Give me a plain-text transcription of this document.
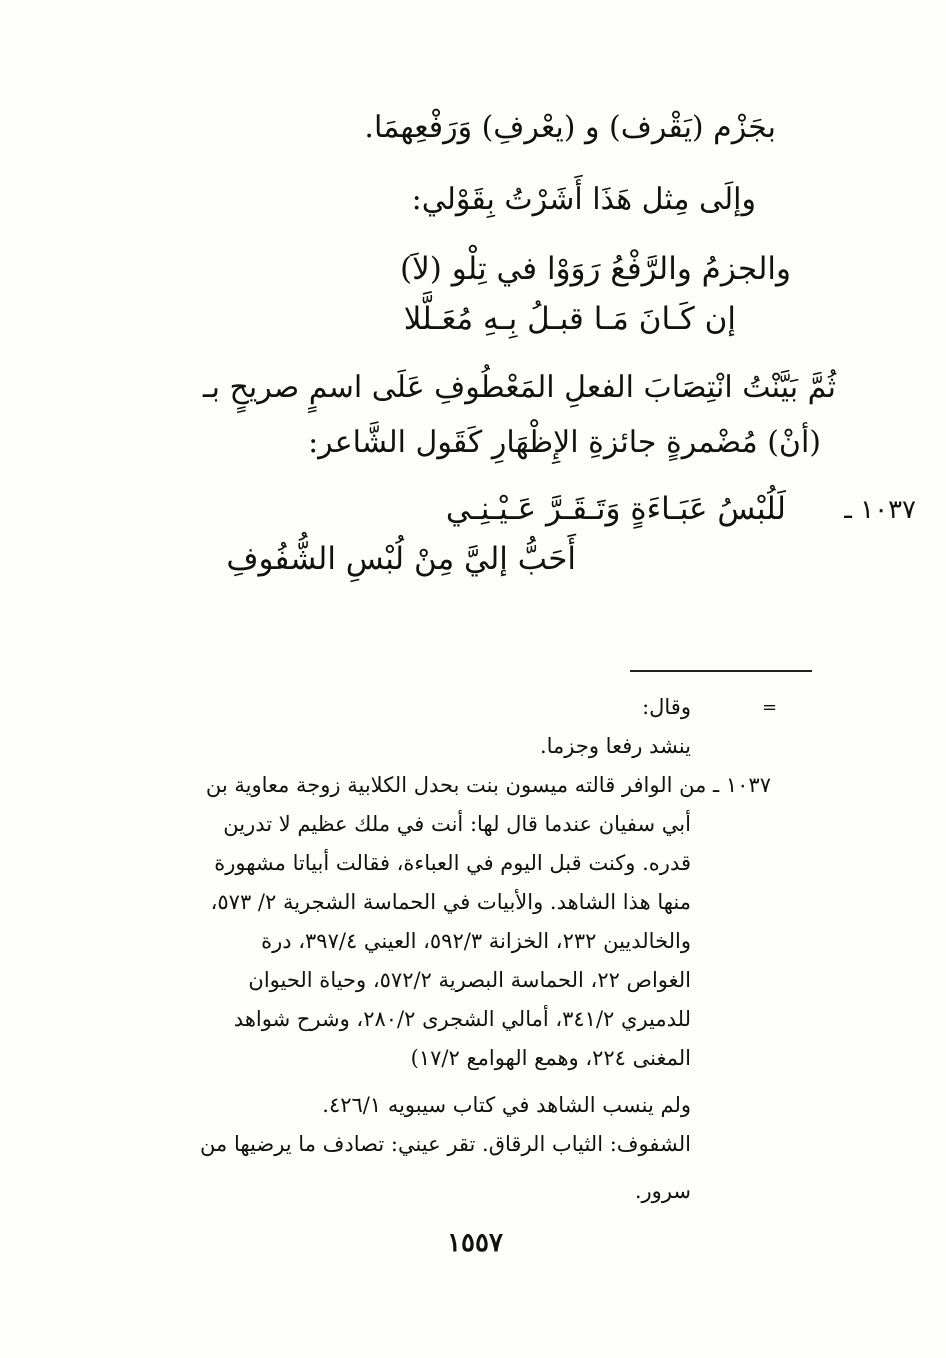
بجَزْم (يَقْرف) و (يعْرفِ) وَرَفْعِهمَا.
وإلَى مِثل هَذَا أَشَرْتُ بِقَوْلي:
والجزمُ والرَّفْعُ رَوَوْا في تِلْو (لاَ)
إن كَـانَ مَـا قبـلُ بِـهِ مُعَـلَّلا
ثُمَّ بَيَّنْتُ انْتِصَابَ الفعلِ المَعْطُوفِ عَلَى اسمٍ صريحٍ بـ
(أنْ) مُضْمرةٍ جائزةِ الإِظْهَارِ كَقَول الشَّاعر:
١٠٣٧ ـ
لَلُبْسُ عَبَـاءَةٍ وَتَـقَـرَّ عَـيْـنِـي
أَحَبُّ إليَّ مِنْ لُبْسِ الشُّفُوفِ
=
وقال:
ينشد رفعا وجزما.
١٠٣٧ ـ من الوافر قالته ميسون بنت بحدل الكلابية زوجة معاوية بن
أبي سفيان عندما قال لها: أنت في ملك عظيم لا تدرين
قدره. وكنت قبل اليوم في العباءة، فقالت أبياتا مشهورة
منها هذا الشاهد. والأبيات في الحماسة الشجرية ٢/ ٥٧٣،
والخالديين ٢٣٢، الخزانة ٥٩٢/٣، العيني ٣٩٧/٤، درة
الغواص ٢٢، الحماسة البصرية ٥٧٢/٢، وحياة الحيوان
للدميري ٣٤١/٢، أمالي الشجرى ٢٨٠/٢، وشرح شواهد
المغنى ٢٢٤، وهمع الهوامع ١٧/٢)
ولم ينسب الشاهد في كتاب سيبويه ٤٢٦/١.
الشفوف: الثياب الرقاق. تقر عيني: تصادف ما يرضيها من
سرور.
١٥٥٧
